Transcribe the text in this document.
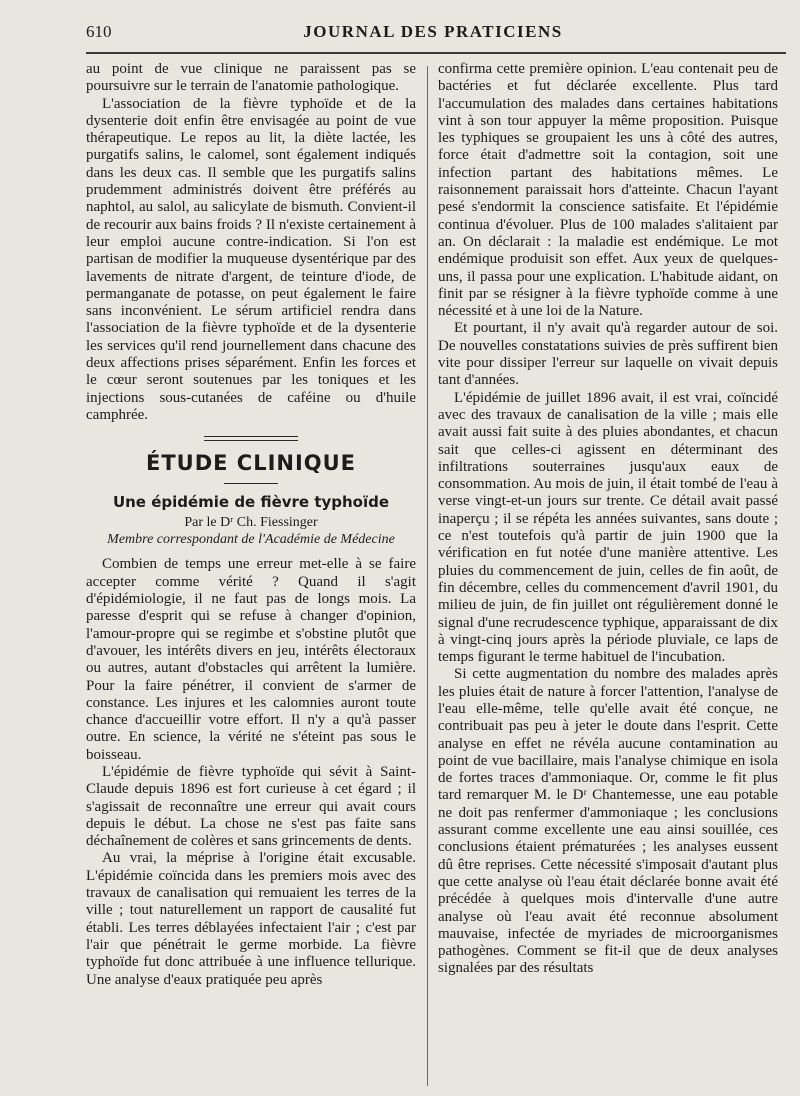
610	JOURNAL DES PRATICIENS

au point de vue clinique ne paraissent pas se poursuivre sur le terrain de l'anatomie pathologique.

L'association de la fièvre typhoïde et de la dysenterie doit enfin être envisagée au point de vue thérapeutique. Le repos au lit, la diète lactée, les purgatifs salins, le calomel, sont également indiqués dans les deux cas. Il semble que les purgatifs salins prudemment administrés doivent être préférés au naphtol, au salol, au salicylate de bismuth. Convient-il de recourir aux bains froids ? Il n'existe certainement à leur emploi aucune contre-indication. Si l'on est partisan de modifier la muqueuse dysentérique par des lavements de nitrate d'argent, de teinture d'iode, de permanganate de potasse, on peut également le faire sans inconvénient. Le sérum artificiel rendra dans l'association de la fièvre typhoïde et de la dysenterie les services qu'il rend journellement dans chacune des deux affections prises séparément. Enfin les forces et le cœur seront soutenues par les toniques et les injections sous-cutanées de caféine ou d'huile camphrée.

ÉTUDE CLINIQUE
Une épidémie de fièvre typhoïde
Par le Dʳ Ch. Fiessinger
Membre correspondant de l'Académie de Médecine

Combien de temps une erreur met-elle à se faire accepter comme vérité ? Quand il s'agit d'épidémiologie, il ne faut pas de longs mois. La paresse d'esprit qui se refuse à changer d'opinion, l'amour-propre qui se regimbe et s'obstine plutôt que d'avouer, les intérêts divers en jeu, intérêts électoraux ou autres, autant d'obstacles qui arrêtent la lumière. Pour la faire pénétrer, il convient de s'armer de constance. Les injures et les calomnies auront toute chance d'accueillir votre effort. Il n'y a qu'à passer outre. En science, la vérité ne s'éteint pas sous le boisseau.

L'épidémie de fièvre typhoïde qui sévit à Saint-Claude depuis 1896 est fort curieuse à cet égard ; il s'agissait de reconnaître une erreur qui avait cours depuis le début. La chose ne s'est pas faite sans déchaînement de colères et sans grincements de dents.

Au vrai, la méprise à l'origine était excusable. L'épidémie coïncida dans les premiers mois avec des travaux de canalisation qui remuaient les terres de la ville ; tout naturellement un rapport de causalité fut établi. Les terres déblayées infectaient l'air ; c'est par l'air que pénétrait le germe morbide. La fièvre typhoïde fut donc attribuée à une influence tellurique. Une analyse d'eaux pratiquée peu après

confirma cette première opinion. L'eau contenait peu de bactéries et fut déclarée excellente. Plus tard l'accumulation des malades dans certaines habitations vint à son tour appuyer la même proposition. Puisque les typhiques se groupaient les uns à côté des autres, force était d'admettre soit la contagion, soit une infection partant des habitations mêmes. Le raisonnement paraissait hors d'atteinte. Chacun l'ayant pesé s'endormit la conscience satisfaite. Et l'épidémie continua d'évoluer. Plus de 100 malades s'alitaient par an. On déclarait : la maladie est endémique. Le mot endémique produisit son effet. Aux yeux de quelques-uns, il passa pour une explication. L'habitude aidant, on finit par se résigner à la fièvre typhoïde comme à une nécessité et à une loi de la Nature.

Et pourtant, il n'y avait qu'à regarder autour de soi. De nouvelles constatations suivies de près suffirent bien vite pour dissiper l'erreur sur laquelle on vivait depuis tant d'années.

L'épidémie de juillet 1896 avait, il est vrai, coïncidé avec des travaux de canalisation de la ville ; mais elle avait aussi fait suite à des pluies abondantes, et chacun sait que celles-ci agissent en déterminant des infiltrations souterraines jusqu'aux eaux de consommation. Au mois de juin, il était tombé de l'eau à verse vingt-et-un jours sur trente. Ce détail avait passé inaperçu ; il se répéta les années suivantes, sans doute ; ce n'est toutefois qu'à partir de juin 1900 que la vérification en fut notée d'une manière attentive. Les pluies du commencement de juin, celles de fin août, de fin décembre, celles du commencement d'avril 1901, du milieu de juin, de fin juillet ont régulièrement donné le signal d'une recrudescence typhique, apparaissant de dix à vingt-cinq jours après la période pluviale, ce laps de temps figurant le terme habituel de l'incubation.

Si cette augmentation du nombre des malades après les pluies était de nature à forcer l'attention, l'analyse de l'eau elle-même, telle qu'elle avait été conçue, ne contribuait pas peu à jeter le doute dans l'esprit. Cette analyse en effet ne révéla aucune contamination au point de vue bacillaire, mais l'analyse chimique en isola de fortes traces d'ammoniaque. Or, comme le fit plus tard remarquer M. le Dʳ Chantemesse, une eau potable ne doit pas renfermer d'ammoniaque ; les conclusions assurant comme excellente une eau ainsi souillée, ces conclusions étaient prématurées ; les analyses eussent dû être reprises. Cette nécessité s'imposait d'autant plus que cette analyse où l'eau était déclarée bonne avait été précédée à quelques mois d'intervalle d'une autre analyse où l'eau avait été reconnue absolument mauvaise, infectée de myriades de microorganismes pathogènes. Comment se fit-il que de deux analyses signalées par des résultats
